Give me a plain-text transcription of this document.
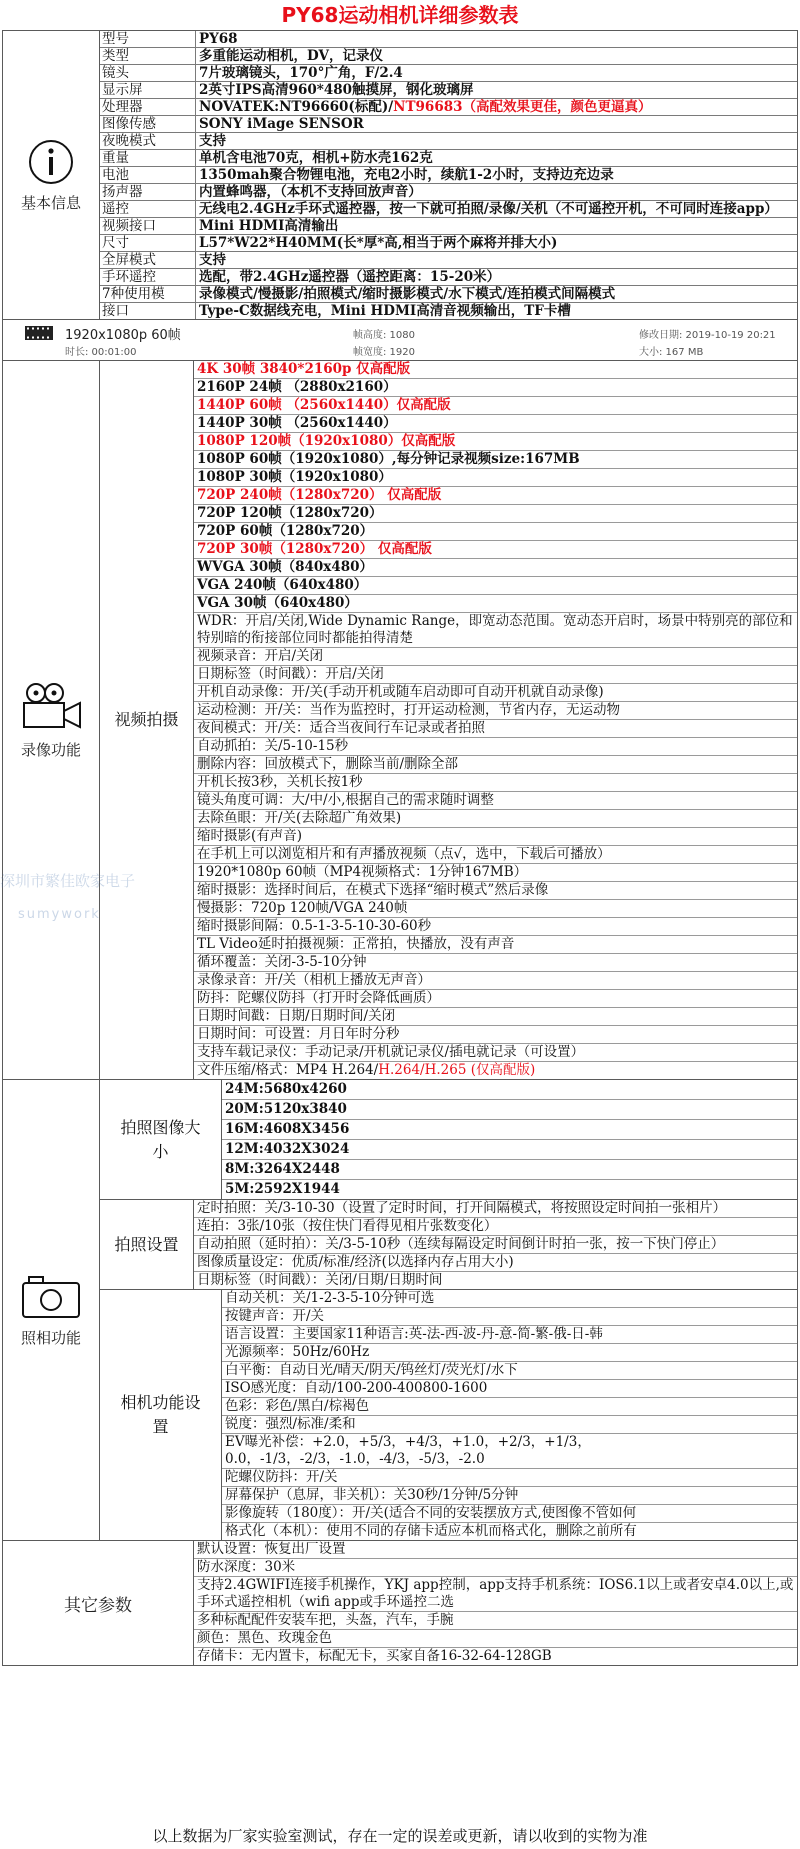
PY68运动相机详细参数表
基本信息
型号	PY68
类型	多重能运动相机，DV，记录仪
镜头	7片玻璃镜头，170°广角，F/2.4
显示屏	2英寸IPS高清960*480触摸屏，钢化玻璃屏
处理器	NOVATEK:NT96660(标配)/NT96683（高配效果更佳，颜色更逼真）
图像传感	SONY iMage SENSOR
夜晚模式	支持
重量	单机含电池70克，相机+防水壳162克
电池	1350mah聚合物锂电池，充电2小时，续航1-2小时，支持边充边录
扬声器	内置蜂鸣器，（本机不支持回放声音）
遥控	无线电2.4GHz手环式遥控器，按一下就可拍照/录像/关机（不可遥控开机，不可同时连接app）
视频接口	Mini HDMI高清输出
尺寸	L57*W22*H40MM(长*厚*高,相当于两个麻将并排大小)
全屏模式	支持
手环遥控	选配，带2.4GHz遥控器（遥控距离：15-20米）
7种使用模	录像模式/慢摄影/拍照模式/缩时摄影模式/水下模式/连拍模式间隔模式
接口	Type-C数据线充电，Mini HDMI高清音视频输出，TF卡槽
1920x1080p 60帧
时长: 00:01:00
帧高度: 1080
帧宽度: 1920
修改日期: 2019-10-19 20:21
大小: 167 MB
录像功能
视频拍摄
4K 30帧 3840*2160p 仅高配版
2160P 24帧 （2880x2160）
1440P 60帧 （2560x1440）仅高配版
1440P 30帧 （2560x1440）
1080P 120帧（1920x1080）仅高配版
1080P 60帧（1920x1080）,每分钟记录视频size:167MB
1080P 30帧（1920x1080）
720P 240帧（1280x720） 仅高配版
720P 120帧（1280x720）
720P 60帧（1280x720）
720P 30帧（1280x720） 仅高配版
WVGA 30帧（840x480）
VGA 240帧（640x480）
VGA 30帧（640x480）
WDR：开启/关闭,Wide Dynamic Range，即宽动态范围。宽动态开启时，场景中特别亮的部位和特别暗的衔接部位同时都能拍得清楚
视频录音：开启/关闭
日期标签（时间戳）：开启/关闭
开机自动录像：开/关(手动开机或随车启动即可自动开机就自动录像)
运动检测：开/关：当作为监控时，打开运动检测，节省内存，无运动物
夜间模式：开/关：适合当夜间行车记录或者拍照
自动抓拍：关/5-10-15秒
删除内容：回放模式下，删除当前/删除全部
开机长按3秒，关机长按1秒
镜头角度可调：大/中/小,根据自己的需求随时调整
去除鱼眼：开/关(去除超广角效果)
缩时摄影(有声音)
在手机上可以浏览相片和有声播放视频（点√，选中，下载后可播放）
1920*1080p 60帧（MP4视频格式：1分钟167MB）
缩时摄影：选择时间后，在模式下选择“缩时模式”然后录像
慢摄影：720p 120帧/VGA 240帧
缩时摄影间隔：0.5-1-3-5-10-30-60秒
TL Video延时拍摄视频：正常拍，快播放，没有声音
循环覆盖：关闭-3-5-10分钟
录像录音：开/关（相机上播放无声音）
防抖：陀螺仪防抖（打开时会降低画质）
日期时间戳：日期/日期时间/关闭
日期时间：可设置：月日年时分秒
支持车载记录仪：手动记录/开机就记录仪/插电就记录（可设置）
文件压缩/格式：MP4 H.264/H.264/H.265 (仅高配版)
照相功能
拍照图像大小
24M:5680x4260
20M:5120x3840
16M:4608X3456
12M:4032X3024
8M:3264X2448
5M:2592X1944
拍照设置
定时拍照：关/3-10-30（设置了定时时间，打开间隔模式，将按照设定时间拍一张相片）
连拍：3张/10张（按住快门看得见相片张数变化）
自动拍照（延时拍）：关/3-5-10秒（连续每隔设定时间倒计时拍一张，按一下快门停止）
图像质量设定：优质/标准/经济(以选择内存占用大小)
日期标签（时间戳）：关闭/日期/日期时间
相机功能设置
自动关机：关/1-2-3-5-10分钟可选
按键声音：开/关
语言设置：主要国家11种语言:英-法-西-波-丹-意-简-繁-俄-日-韩
光源频率：50Hz/60Hz
白平衡：自动日光/晴天/阴天/钨丝灯/荧光灯/水下
ISO感光度：自动/100-200-400800-1600
色彩：彩色/黑白/棕褐色
锐度：强烈/标准/柔和
EV曝光补偿：+2.0，+5/3，+4/3，+1.0，+2/3，+1/3，0.0，-1/3，-2/3，-1.0，-4/3，-5/3，-2.0
陀螺仪防抖：开/关
屏幕保护（息屏，非关机）：关30秒/1分钟/5分钟
影像旋转（180度）：开/关(适合不同的安装摆放方式,使图像不管如何
格式化（本机）：使用不同的存储卡适应本机而格式化，删除之前所有
其它参数
默认设置：恢复出厂设置
防水深度：30米
支持2.4GWIFI连接手机操作，YKJ app控制，app支持手机系统：IOS6.1以上或者安卓4.0以上,或手环式遥控相机（wifi app或手环遥控二选
多种标配配件安装车把，头盔，汽车，手腕
颜色：黑色、玫瑰金色
存储卡：无内置卡，标配无卡，买家自备16-32-64-128GB
深圳市繁佳欧家电子
sumywork
以上数据为厂家实验室测试，存在一定的误差或更新，请以收到的实物为准
